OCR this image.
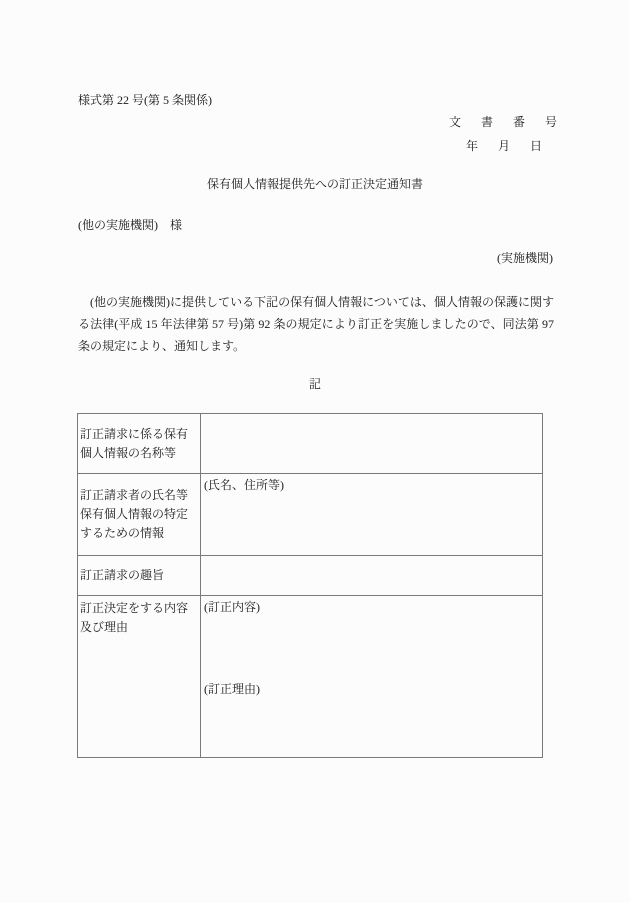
様式第 22 号(第 5 条関係)
文　書　番　号
年　月　日
保有個人情報提供先への訂正決定通知書
(他の実施機関)　様
(実施機関)
(他の実施機関)に提供している下記の保有個人情報については、個人情報の保護に関する法律(平成 15 年法律第 57 号)第 92 条の規定により訂正を実施しましたので、同法第 97 条の規定により、通知します。
記
訂正請求に係る保有個人情報の名称等	
訂正請求者の氏名等保有個人情報の特定するための情報	(氏名、住所等)
訂正請求の趣旨	
訂正決定をする内容及び理由	(訂正内容)
(訂正理由)
